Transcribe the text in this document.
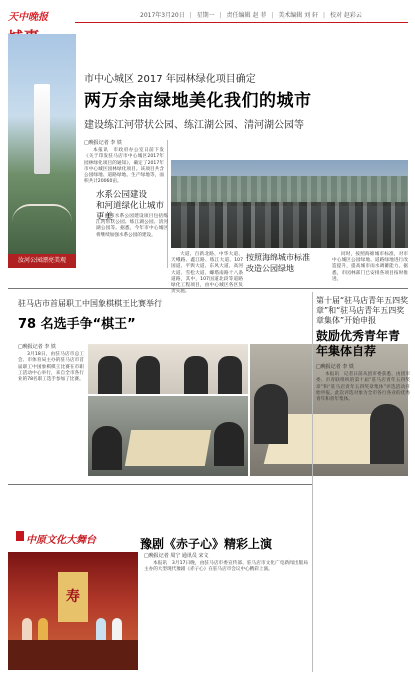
天中晚报	2017年3月20日 | 星期一 | 责任编辑 赵 菲 | 美术编辑 刘 轩 | 校对 赵彩云
汝河公园漂亮美观
市中心城区 2017 年园林绿化项目确定
两万余亩绿地美化我们的城市
建设练江河带状公园、练江湖公园、清河湖公园等
□晚报记者 李 铁

本报讯　市政府办公室日前下发《关于印发驻马店市中心城区2017年园林绿化项目的通知》，确定了2017年市中心城区园林绿化项目。该项目共含公园绿地、道路绿地、生产绿地等，面积共计20060亩。

水系公园建设
和河道绿化让城市更美

城市水系公园建设项目包括练江河带状公园、练江湖公园、清河湖公园等。据悉，今年市中心城区将继续加强水系公园的建设。

大道、百新北路、中华大道、天峨路、鑫江路、练江大道、107国道、平舆大道、东风大道、高河大道、雪松大道、螺塔南路十八条道路，其中，107国道北段等道路绿化工程项目，由中心城区各区负责实施。

按照海绵城市标准
改造公园绿地

同时，按照海绵城市标准，对市中心城区公园绿地、道路绿地进行改造提升，提高城市雨水调蓄能力。据悉，市园林部门已安排各项目按时推进。

驻马店市首届职工中国象棋棋王比赛举行
78 名选手争“棋王”
□晚报记者 李 铁

3月18日，由驻马店市总工会、市体育局主办的驻马店市首届职工中国象棋棋王比赛在市职工活动中心举行，来自全市各行业的78名职工选手参加了比赛。

第十届“驻马店青年五四奖章”和“驻马店青年五四奖章集体”开始申报
鼓励优秀青年青年集体自荐
□晚报记者 李 铁

本报讯　记者日前从团市委获悉，由团市委、市青联组织的第十届“驻马店青年五四奖章”和“驻马店青年五四奖章集体”评选活动开始申报。此次评选对象为全市各行各业的优秀青年和青年集体。

中原文化大舞台	豫剧《赤子心》精彩上演
寿
□晚报记者 周宁 通讯员 宋文

本报讯　3月17日晚，由驻马店市委宣传部、驻马店市文化广电新闻出版局主办的大型现代豫剧《赤子心》在驻马店市会议中心精彩上演。
